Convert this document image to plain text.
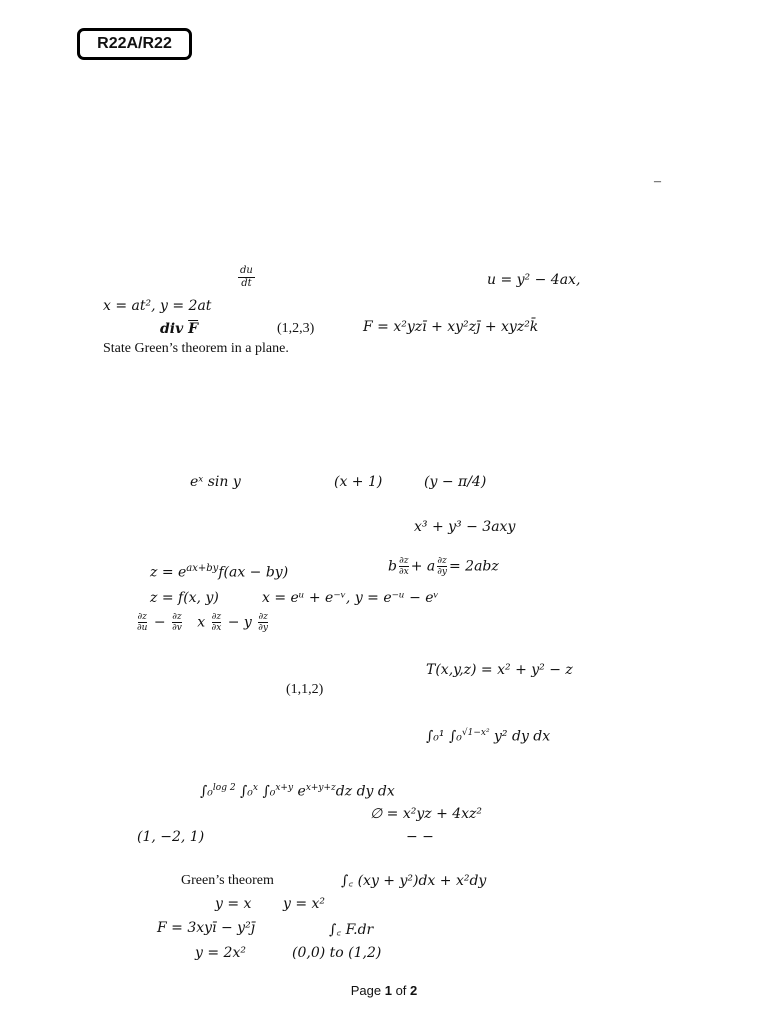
R22A/R22
–
$\frac{du}{dt}$	u = y² − 4ax,
x = at², y = 2at
div $\overline{F}$	(1,2,3)	F = x²yzī + xy²zj̄ + xyz²k̄
State Green’s theorem in a plane.
eˣ sin y	(x + 1)	(y − π/4)
x³ + y³ − 3axy
$z = e^{ax+by}f(ax - by)$	b $\frac{\partial z}{\partial x} + a \frac{\partial z}{\partial y} = 2abz$
z = f(x, y)	x = eᵘ + e⁻ᵛ, y = e⁻ᵘ − eᵛ
$\frac{\partial z}{\partial u} - \frac{\partial z}{\partial v}$ x $\frac{\partial z}{\partial x} - y \frac{\partial z}{\partial y}$
T(x,y,z) = x² + y² − z
(1,1,2)
∫₀¹ ∫₀$^{√1-x^2}$ y² dy dx
∫₀$^{log 2}$ ∫₀$^x$ ∫₀$^{x+y}$ $e^{x+y+z}dz$ dy dx
∅ = x²yz + 4xz²
(1, −2, 1)	− −
Green’s theorem	∫꜀ (xy + y²)dx + x²dy
y = x y = x²
F = 3xyī − y²j̄	∫꜀ F.dr
y = 2x²	(0,0) to (1,2)
Page 1 of 2
